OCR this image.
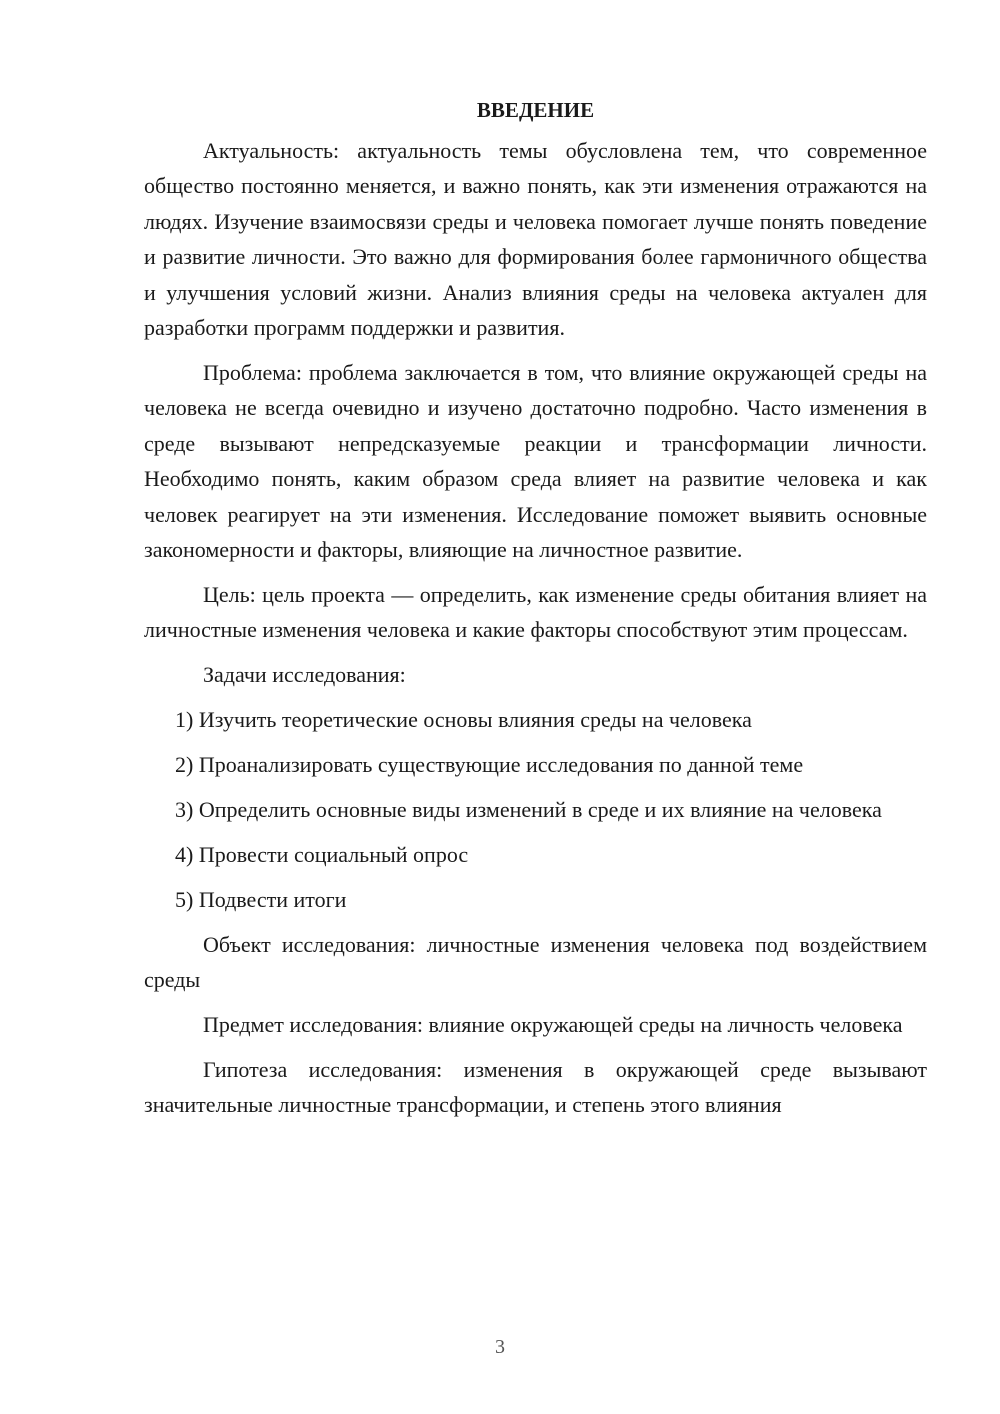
ВВЕДЕНИЕ

Актуальность: актуальность темы обусловлена тем, что современное общество постоянно меняется, и важно понять, как эти изменения отражаются на людях. Изучение взаимосвязи среды и человека помогает лучше понять поведение и развитие личности. Это важно для формирования более гармоничного общества и улучшения условий жизни. Анализ влияния среды на человека актуален для разработки программ поддержки и развития.

Проблема: проблема заключается в том, что влияние окружающей среды на человека не всегда очевидно и изучено достаточно подробно. Часто изменения в среде вызывают непредсказуемые реакции и трансформации личности. Необходимо понять, каким образом среда влияет на развитие человека и как человек реагирует на эти изменения. Исследование поможет выявить основные закономерности и факторы, влияющие на личностное развитие.

Цель: цель проекта — определить, как изменение среды обитания влияет на личностные изменения человека и какие факторы способствуют этим процессам.

Задачи исследования:

1) Изучить теоретические основы влияния среды на человека

2) Проанализировать существующие исследования по данной теме

3) Определить основные виды изменений в среде и их влияние на человека

4) Провести социальный опрос

5) Подвести итоги

Объект исследования: личностные изменения человека под воздействием среды

Предмет исследования: влияние окружающей среды на личность человека

Гипотеза исследования: изменения в окружающей среде вызывают значительные личностные трансформации, и степень этого влияния

3
